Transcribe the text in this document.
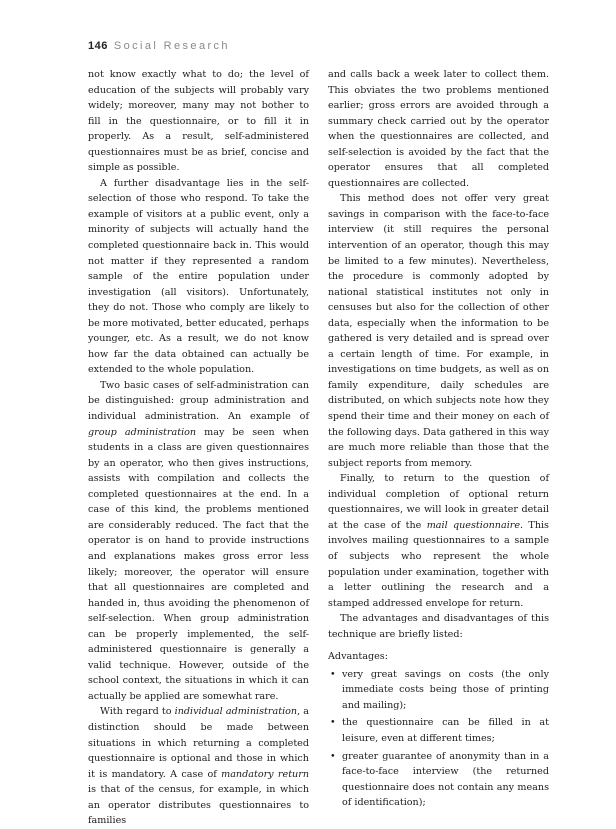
146 Social Research

not know exactly what to do; the level of education of the subjects will probably vary widely; moreover, many may not bother to fill in the questionnaire, or to fill it in properly. As a result, self-administered questionnaires must be as brief, concise and simple as possible.

A further disadvantage lies in the self-selection of those who respond. To take the example of visitors at a public event, only a minority of subjects will actually hand the completed questionnaire back in. This would not matter if they represented a random sample of the entire population under investigation (all visitors). Unfortunately, they do not. Those who comply are likely to be more motivated, better educated, perhaps younger, etc. As a result, we do not know how far the data obtained can actually be extended to the whole population.

Two basic cases of self-administration can be distinguished: group administration and individual administration. An example of group administration may be seen when students in a class are given questionnaires by an operator, who then gives instructions, assists with compilation and collects the completed questionnaires at the end. In a case of this kind, the problems mentioned are considerably reduced. The fact that the operator is on hand to provide instructions and explanations makes gross error less likely; moreover, the operator will ensure that all questionnaires are completed and handed in, thus avoiding the phenomenon of self-selection. When group administration can be properly implemented, the self-administered questionnaire is generally a valid technique. However, outside of the school context, the situations in which it can actually be applied are somewhat rare.

With regard to individual administration, a distinction should be made between situations in which returning a completed questionnaire is optional and those in which it is mandatory. A case of mandatory return is that of the census, for example, in which an operator distributes questionnaires to families

and calls back a week later to collect them. This obviates the two problems mentioned earlier; gross errors are avoided through a summary check carried out by the operator when the questionnaires are collected, and self-selection is avoided by the fact that the operator ensures that all completed questionnaires are collected.

This method does not offer very great savings in comparison with the face-to-face interview (it still requires the personal intervention of an operator, though this may be limited to a few minutes). Nevertheless, the procedure is commonly adopted by national statistical institutes not only in censuses but also for the collection of other data, especially when the information to be gathered is very detailed and is spread over a certain length of time. For example, in investigations on time budgets, as well as on family expenditure, daily schedules are distributed, on which subjects note how they spend their time and their money on each of the following days. Data gathered in this way are much more reliable than those that the subject reports from memory.

Finally, to return to the question of individual completion of optional return questionnaires, we will look in greater detail at the case of the mail questionnaire. This involves mailing questionnaires to a sample of subjects who represent the whole population under examination, together with a letter outlining the research and a stamped addressed envelope for return.

The advantages and disadvantages of this technique are briefly listed:

Advantages:

• very great savings on costs (the only immediate costs being those of printing and mailing);
• the questionnaire can be filled in at leisure, even at different times;
• greater guarantee of anonymity than in a face-to-face interview (the returned questionnaire does not contain any means of identification);
